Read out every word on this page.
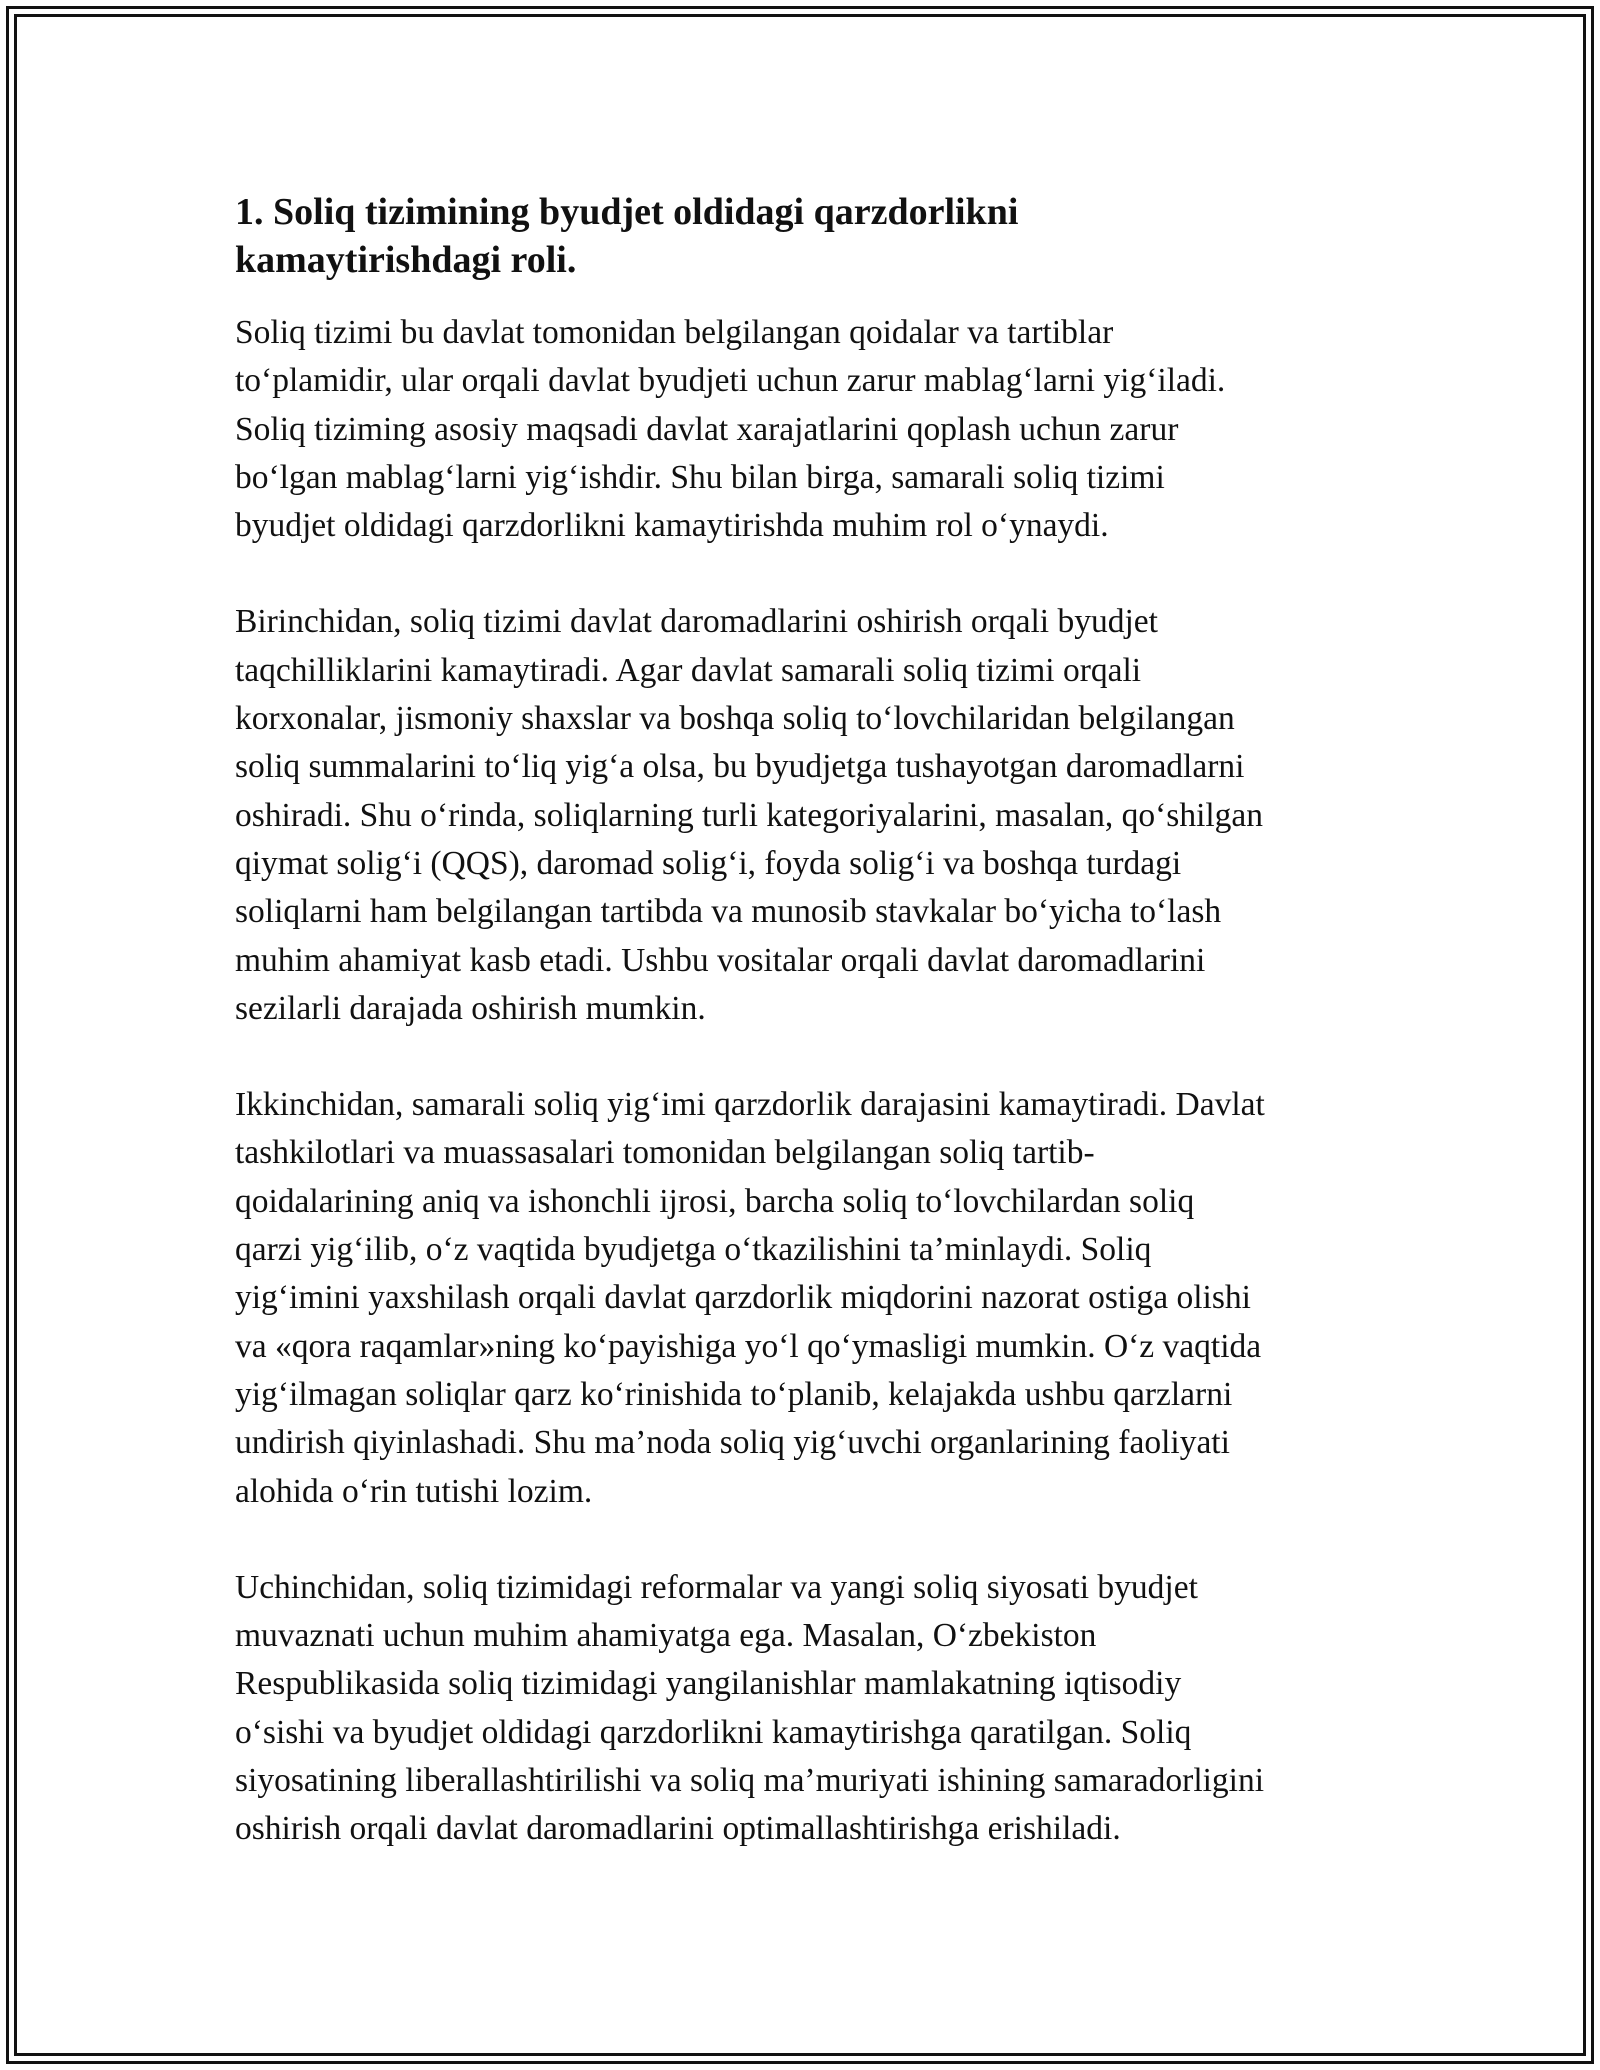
1. Soliq tizimining byudjet oldidagi qarzdorlikni kamaytirishdagi roli.

Soliq tizimi bu davlat tomonidan belgilangan qoidalar va tartiblar
to‘plamidir, ular orqali davlat byudjeti uchun zarur mablag‘larni yig‘iladi.
Soliq tiziming asosiy maqsadi davlat xarajatlarini qoplash uchun zarur
bo‘lgan mablag‘larni yig‘ishdir. Shu bilan birga, samarali soliq tizimi
byudjet oldidagi qarzdorlikni kamaytirishda muhim rol o‘ynaydi.

Birinchidan, soliq tizimi davlat daromadlarini oshirish orqali byudjet
taqchilliklarini kamaytiradi. Agar davlat samarali soliq tizimi orqali
korxonalar, jismoniy shaxslar va boshqa soliq to‘lovchilaridan belgilangan
soliq summalarini to‘liq yig‘a olsa, bu byudjetga tushayotgan daromadlarni
oshiradi. Shu o‘rinda, soliqlarning turli kategoriyalarini, masalan, qo‘shilgan
qiymat solig‘i (QQS), daromad solig‘i, foyda solig‘i va boshqa turdagi
soliqlarni ham belgilangan tartibda va munosib stavkalar bo‘yicha to‘lash
muhim ahamiyat kasb etadi. Ushbu vositalar orqali davlat daromadlarini
sezilarli darajada oshirish mumkin.

Ikkinchidan, samarali soliq yig‘imi qarzdorlik darajasini kamaytiradi. Davlat
tashkilotlari va muassasalari tomonidan belgilangan soliq tartib-
qoidalarining aniq va ishonchli ijrosi, barcha soliq to‘lovchilardan soliq
qarzi yig‘ilib, o‘z vaqtida byudjetga o‘tkazilishini ta’minlaydi. Soliq
yig‘imini yaxshilash orqali davlat qarzdorlik miqdorini nazorat ostiga olishi
va «qora raqamlar»ning ko‘payishiga yo‘l qo‘ymasligi mumkin. O‘z vaqtida
yig‘ilmagan soliqlar qarz ko‘rinishida to‘planib, kelajakda ushbu qarzlarni
undirish qiyinlashadi. Shu ma’noda soliq yig‘uvchi organlarining faoliyati
alohida o‘rin tutishi lozim.

Uchinchidan, soliq tizimidagi reformalar va yangi soliq siyosati byudjet
muvaznati uchun muhim ahamiyatga ega. Masalan, O‘zbekiston
Respublikasida soliq tizimidagi yangilanishlar mamlakatning iqtisodiy
o‘sishi va byudjet oldidagi qarzdorlikni kamaytirishga qaratilgan. Soliq
siyosatining liberallashtirilishi va soliq ma’muriyati ishining samaradorligini
oshirish orqali davlat daromadlarini optimallashtirishga erishiladi.
